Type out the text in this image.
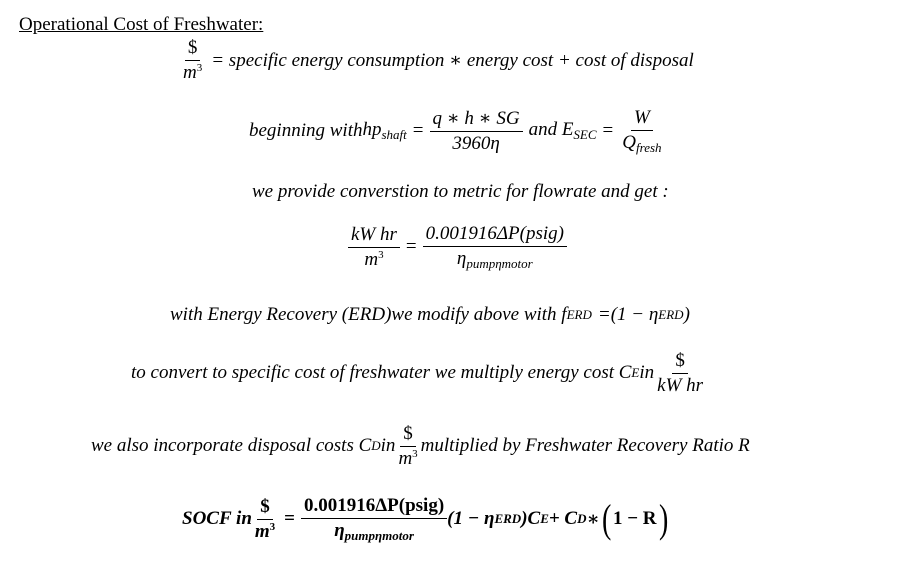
Operational Cost of Freshwater:
$\frac{\$}{m^3}$ = specific energy consumption ∗ energy cost + cost of disposal
beginning with $hp_{shaft} = \frac{q ∗ h ∗ SG}{3960\eta}$ and $E_{SEC} = \frac{W}{Q_{fresh}}$
we provide converstion to metric for flowrate and get :
$\frac{\text{kW hr}}{m^3} = \frac{\text{0.001916ΔP(psig)}}{\eta_{pump\eta motor}}$
with Energy Recovery (ERD)we modify above with f ERD =(1 − η ERD )
to convert to specific cost of freshwater we multiply energy cost C E in $\frac{\$}{\text{kW hr}}$
we also incorporate disposal costs C D in $\frac{\$}{m^3}$ multiplied by Freshwater Recovery Ratio R
SOCF in $\frac{\$}{m^3} = \frac{\text{0.001916ΔP(psig)}}{\eta_{pump\eta motor}} (1 - \eta$ ERD )C E + C D ∗ ( 1 − R )
